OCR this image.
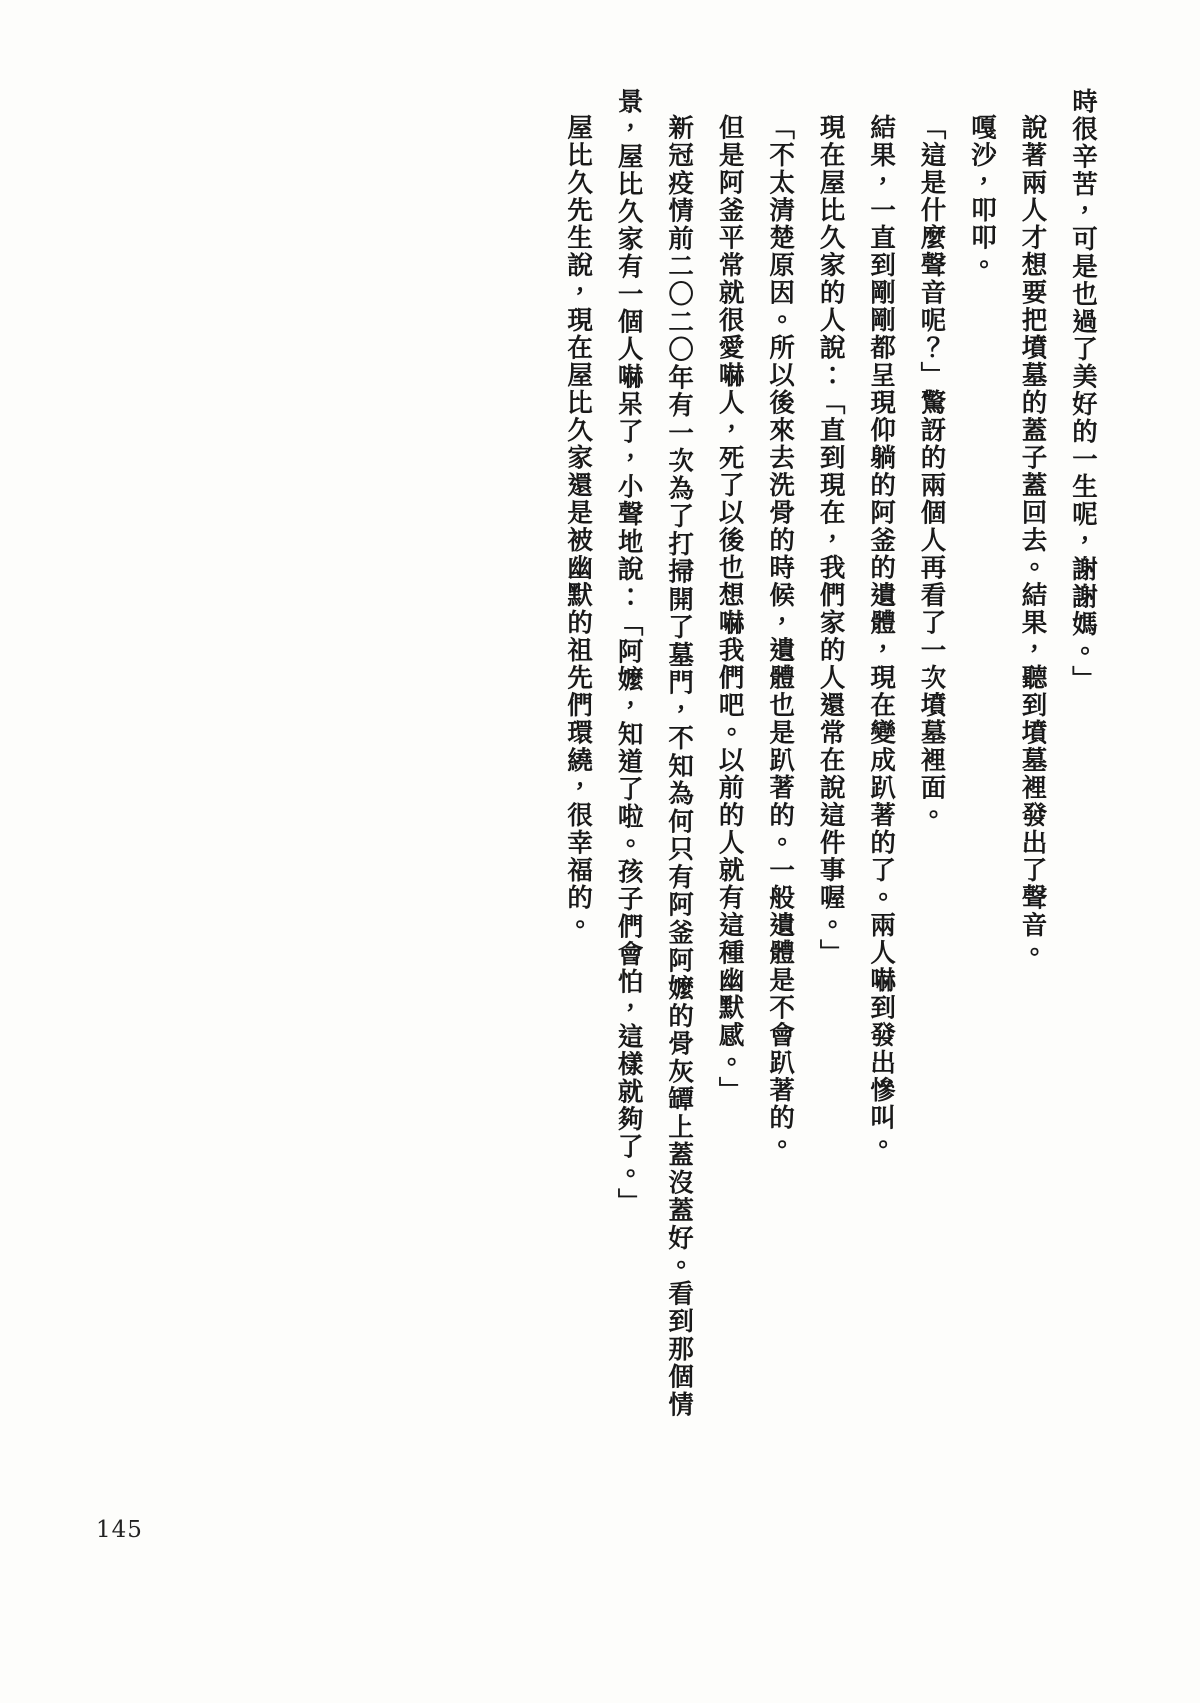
時很辛苦，可是也過了美好的一生呢，謝謝媽。」

說著兩人才想要把墳墓的蓋子蓋回去。結果，聽到墳墓裡發出了聲音。

嘎沙，叩叩。

「這是什麼聲音呢？」驚訝的兩個人再看了一次墳墓裡面。

結果，一直到剛剛都呈現仰躺的阿釜的遺體，現在變成趴著的了。兩人嚇到發出慘叫。

現在屋比久家的人說：「直到現在，我們家的人還常在說這件事喔。」

「不太清楚原因。所以後來去洗骨的時候，遺體也是趴著的。一般遺體是不會趴著的。

但是阿釜平常就很愛嚇人，死了以後也想嚇我們吧。以前的人就有這種幽默感。」

新冠疫情前二〇二〇年有一次為了打掃開了墓門，不知為何只有阿釜阿嬤的骨灰罈上蓋沒蓋好。看到那個情景，屋比久家有一個人嚇呆了，小聲地說：「阿嬤，知道了啦。孩子們會怕，這樣就夠了。」

屋比久先生說，現在屋比久家還是被幽默的祖先們環繞，很幸福的。

145
